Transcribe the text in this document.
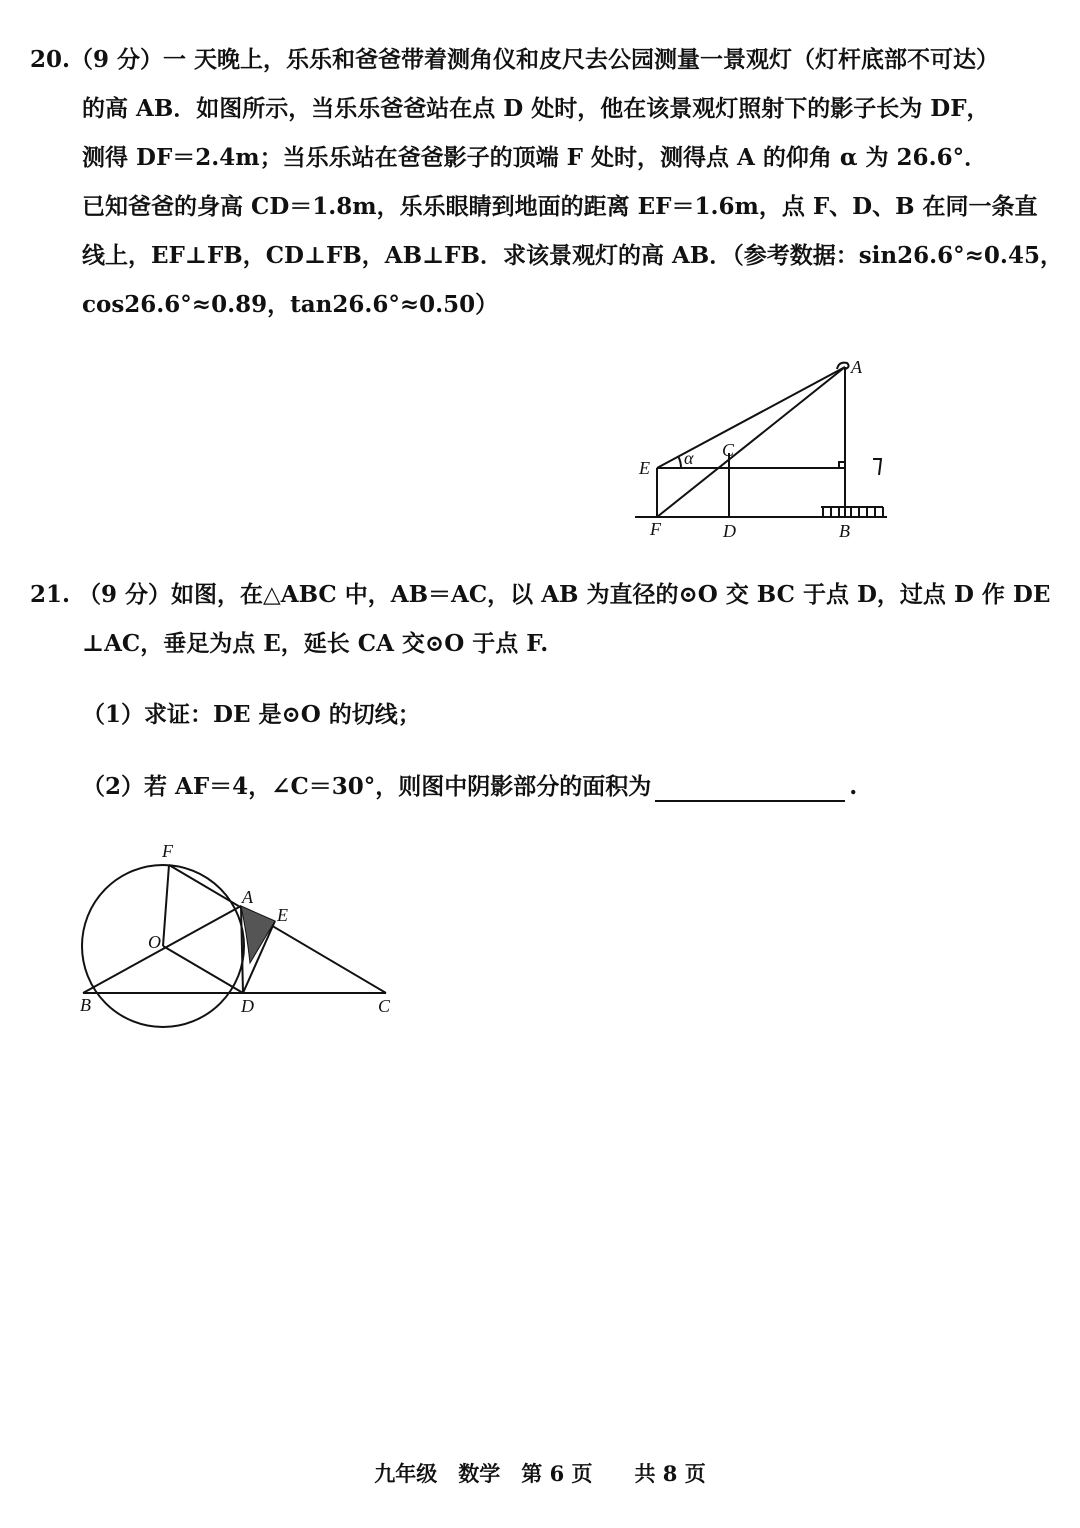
20.（9 分）一 天晚上，乐乐和爸爸带着测角仪和皮尺去公园测量一景观灯（灯杆底部不可达）
的高 AB．如图所示，当乐乐爸爸站在点 D 处时，他在该景观灯照射下的影子长为 DF，
测得 DF＝2.4m；当乐乐站在爸爸影子的顶端 F 处时，测得点 A 的仰角 α 为 26.6°．
已知爸爸的身高 CD＝1.8m，乐乐眼睛到地面的距离 EF＝1.6m，点 F、D、B 在同一条直
线上，EF⊥FB，CD⊥FB，AB⊥FB．求该景观灯的高 AB．（参考数据：sin26.6°≈0.45，
cos26.6°≈0.89，tan26.6°≈0.50）
A
E
C
α
F	D	B
21. （9 分）如图，在△ABC 中，AB＝AC，以 AB 为直径的⊙O 交 BC 于点 D，过点 D 作 DE
⊥AC，垂足为点 E，延长 CA 交⊙O 于点 F.
（1）求证：DE 是⊙O 的切线；
（2）若 AF＝4，∠C＝30°，则图中阴影部分的面积为	.
F
A
E
O
B	D	C
九年级　数学　第 6 页　　共 8 页
